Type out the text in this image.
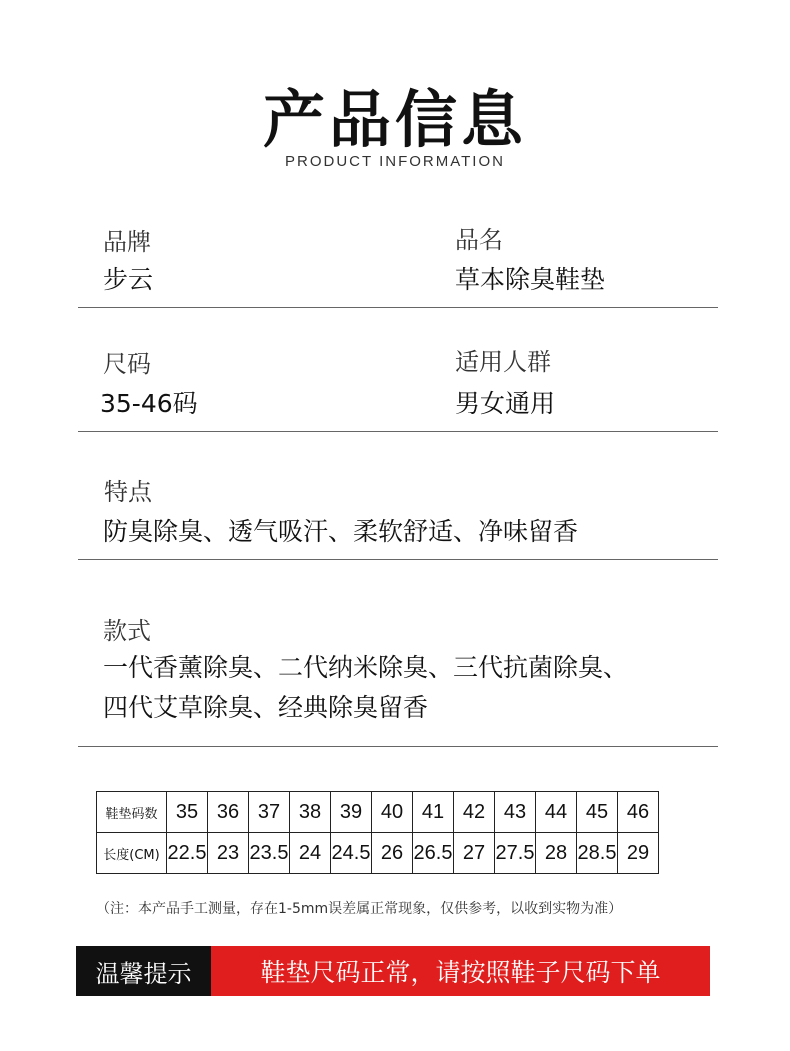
产品信息
PRODUCT INFORMATION
品牌
步云
品名
草本除臭鞋垫
尺码
35-46码
适用人群
男女通用
特点
防臭除臭、透气吸汗、柔软舒适、净味留香
款式
一代香薰除臭、二代纳米除臭、三代抗菌除臭、
四代艾草除臭、经典除臭留香
鞋垫码数	35	36	37	38	39	40	41	42	43	44	45	46
长度(CM)	22.5	23	23.5	24	24.5	26	26.5	27	27.5	28	28.5	29
（注：本产品手工测量，存在1-5mm误差属正常现象，仅供参考，以收到实物为准）
温馨提示	鞋垫尺码正常，请按照鞋子尺码下单
